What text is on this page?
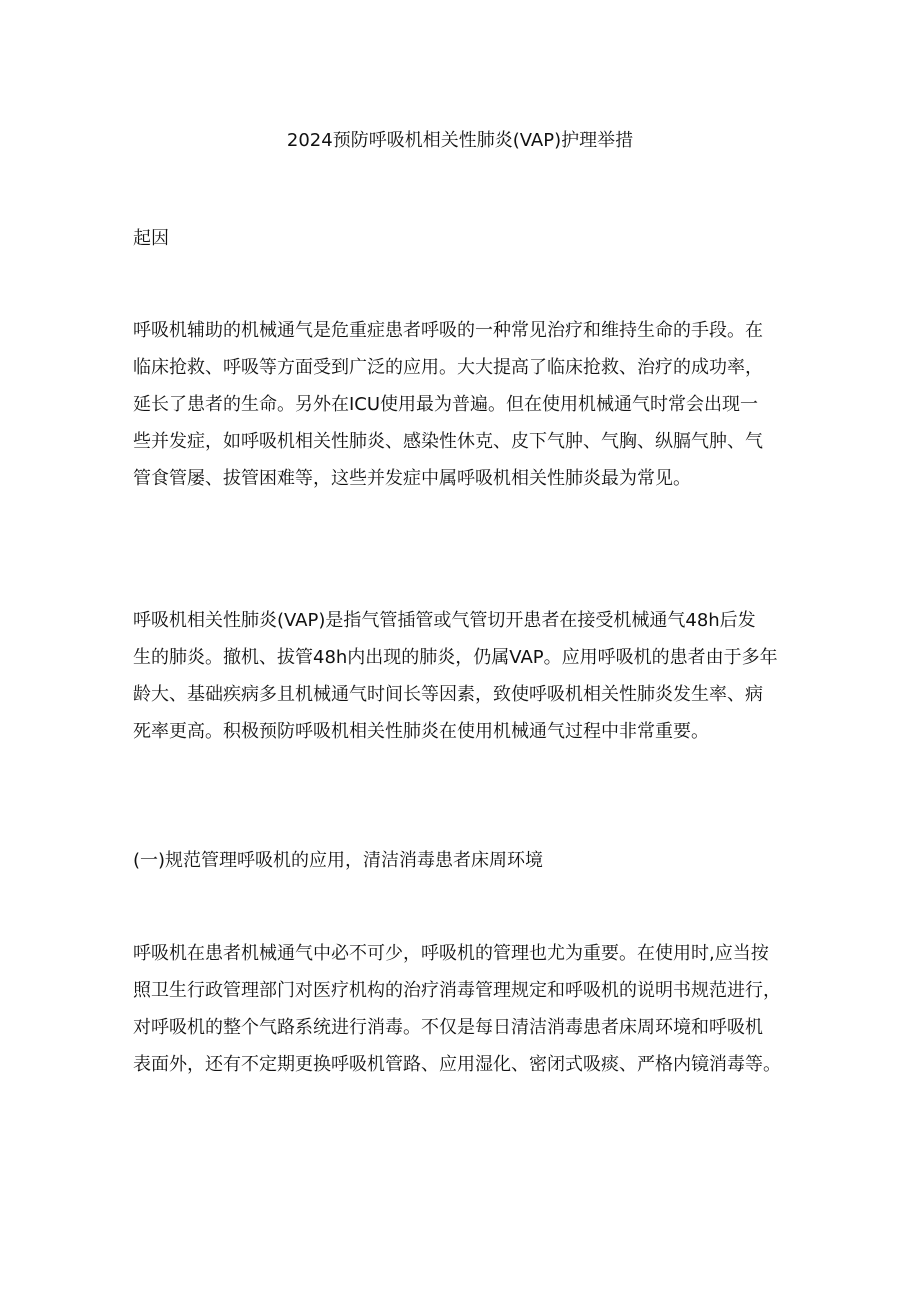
2024预防呼吸机相关性肺炎(VAP)护理举措
起因
呼吸机辅助的机械通气是危重症患者呼吸的一种常见治疗和维持生命的手段。在
临床抢救、呼吸等方面受到广泛的应用。大大提高了临床抢救、治疗的成功率，
延长了患者的生命。另外在ICU使用最为普遍。但在使用机械通气时常会出现一
些并发症，如呼吸机相关性肺炎、感染性休克、皮下气肿、气胸、纵膈气肿、气
管食管屡、拔管困难等，这些并发症中属呼吸机相关性肺炎最为常见。
呼吸机相关性肺炎(VAP)是指气管插管或气管切开患者在接受机械通气48h后发
生的肺炎。撤机、拔管48h内出现的肺炎，仍属VAP。应用呼吸机的患者由于多年
龄大、基础疾病多且机械通气时间长等因素，致使呼吸机相关性肺炎发生率、病
死率更高。积极预防呼吸机相关性肺炎在使用机械通气过程中非常重要。
(一)规范管理呼吸机的应用，清洁消毒患者床周环境
呼吸机在患者机械通气中必不可少，呼吸机的管理也尤为重要。在使用时,应当按
照卫生行政管理部门对医疗机构的治疗消毒管理规定和呼吸机的说明书规范进行，
对呼吸机的整个气路系统进行消毒。不仅是每日清洁消毒患者床周环境和呼吸机
表面外，还有不定期更换呼吸机管路、应用湿化、密闭式吸痰、严格内镜消毒等。
